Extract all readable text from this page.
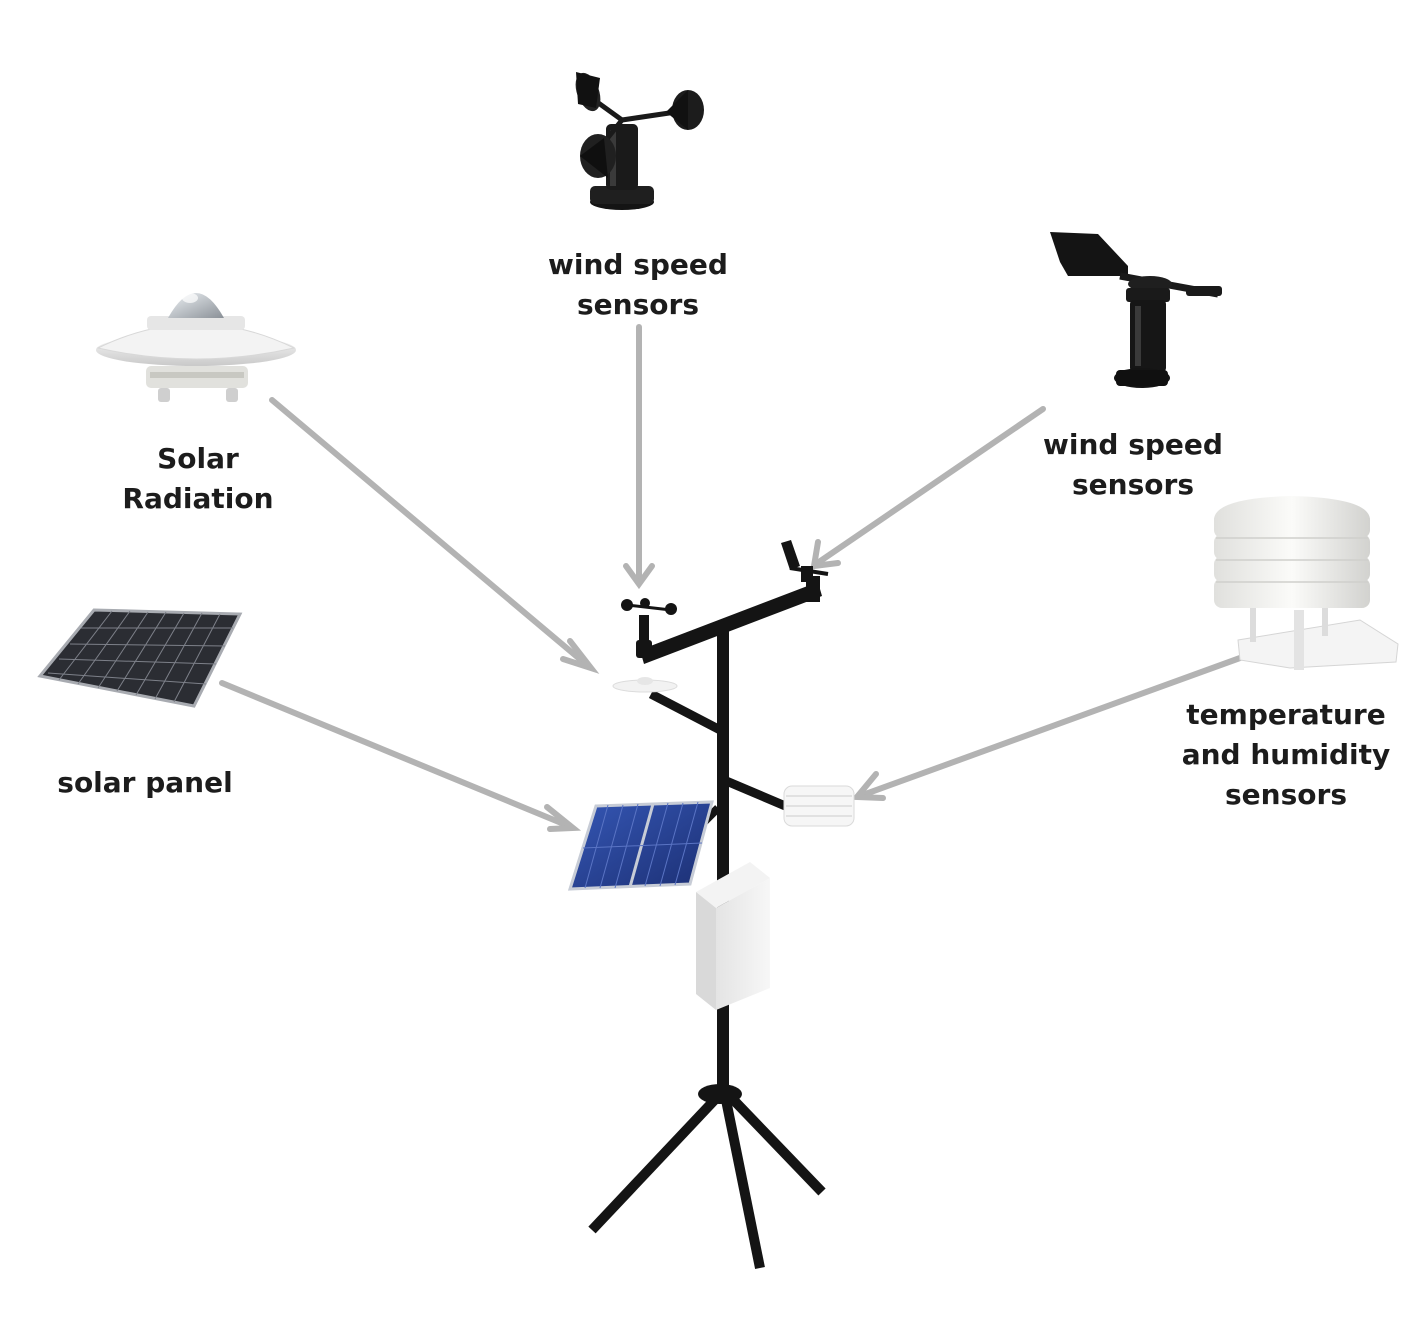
wind speed
sensors
Solar
Radiation
wind speed
sensors
solar panel
temperature
and humidity
sensors
